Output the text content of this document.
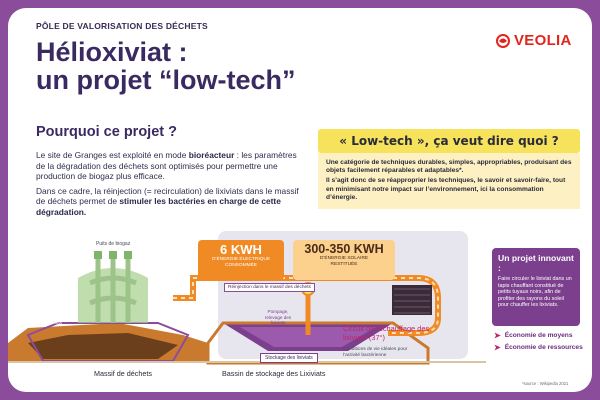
PÔLE DE VALORISATION DES DÉCHETS
VEOLIA
Hélioxiviat :
un projet “low-tech”
Pourquoi ce projet ?

Le site de Granges est exploité en mode bioréacteur : les paramètres de la dégradation des déchets sont optimisés pour permettre une production de biogaz plus efficace.

Dans ce cadre, la réinjection (= recirculation) de lixiviats dans le massif de déchets permet de stimuler les bactéries en charge de cette dégradation.

« Low-tech », ça veut dire quoi ?
Une catégorie de techniques durables, simples, appropriables, produisant des objets facilement réparables et adaptables*.
Il s’agit donc de se réapproprier les techniques, le savoir et savoir-faire, tout en minimisant notre impact sur l’environnement, ici la consommation d’énergie.
6 KWH
D’ÉNERGIE ÉLECTRIQUE CONSOMMÉE
300-350 KWH
D’ÉNERGIE SOLAIRE RESTITUÉE
Puits de biogaz
Casier de stockage des déchets
Réinjection dans le massif des déchets
Pompage, relevage des lixiviats
Stockage des lixiviats
Circuit de réchauffage des lixiviats (37°)
Conditions de vie idéales pour l’activité bactérienne
Massif de déchets	Bassin de stockage des Lixiviats
Un projet innovant :
Faire circuler le lixiviat dans un tapis chauffant constitué de petits tuyaux noirs, afin de profiter des rayons du soleil pour chauffer les lixiviats.
➤ Économie de moyens
➤ Économie de ressources
*source : Wikipedia 2021
